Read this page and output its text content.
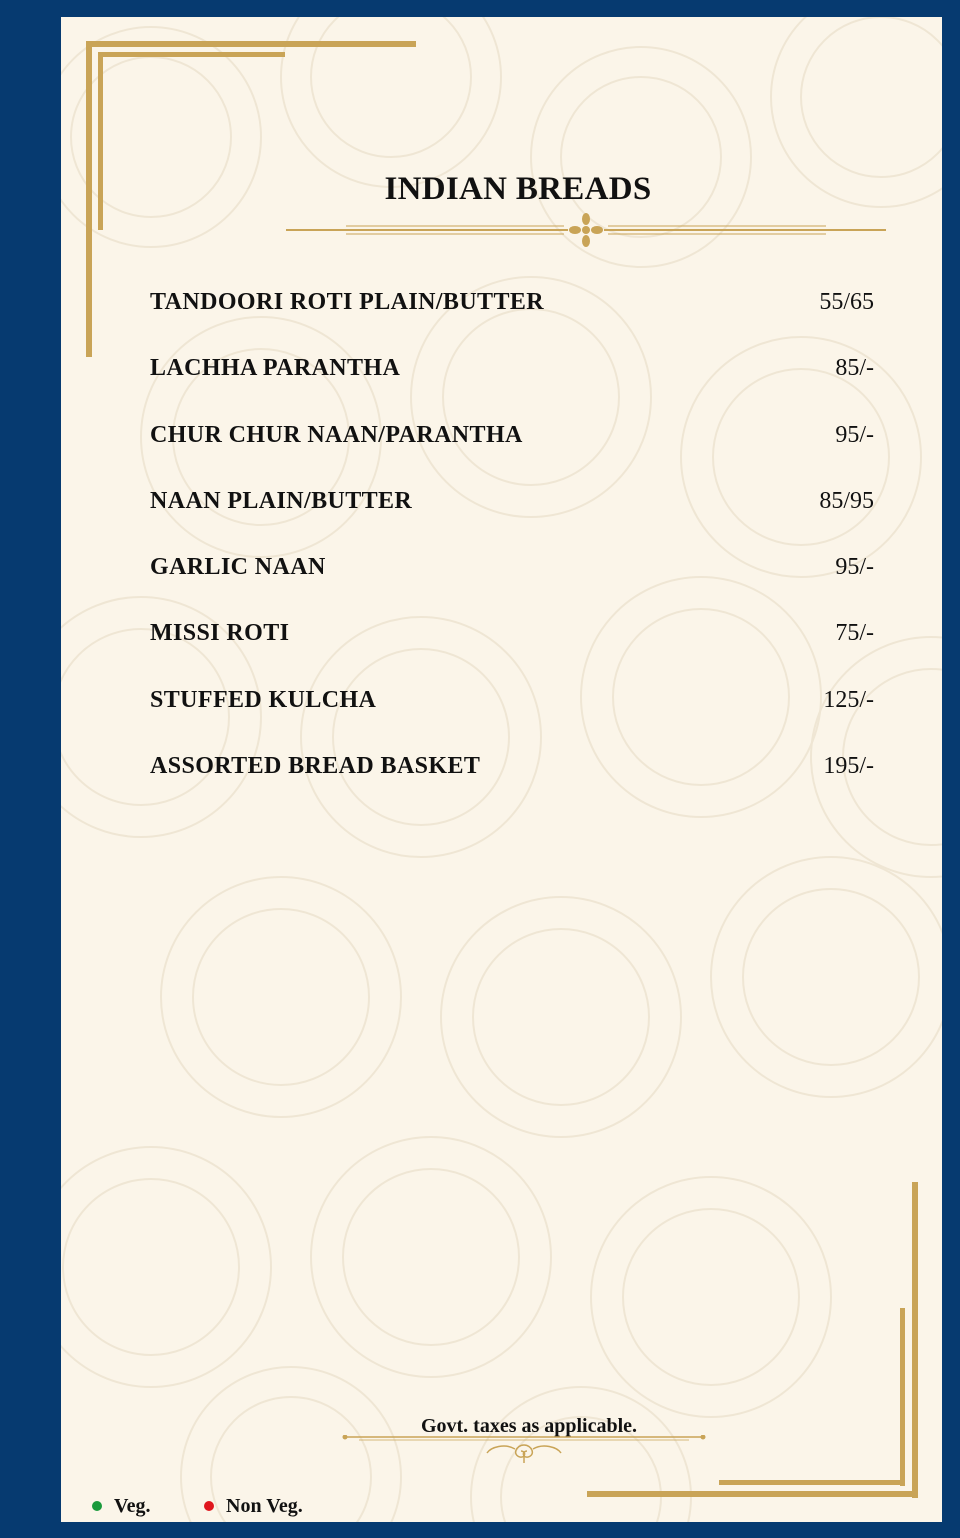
INDIAN BREADS
TANDOORI ROTI PLAIN/BUTTER	55/65
LACHHA PARANTHA	85/-
CHUR CHUR NAAN/PARANTHA	95/-
NAAN PLAIN/BUTTER	85/95
GARLIC NAAN	95/-
MISSI ROTI	75/-
STUFFED KULCHA	125/-
ASSORTED BREAD BASKET	195/-
Govt. taxes as applicable.
Veg.	Non Veg.
